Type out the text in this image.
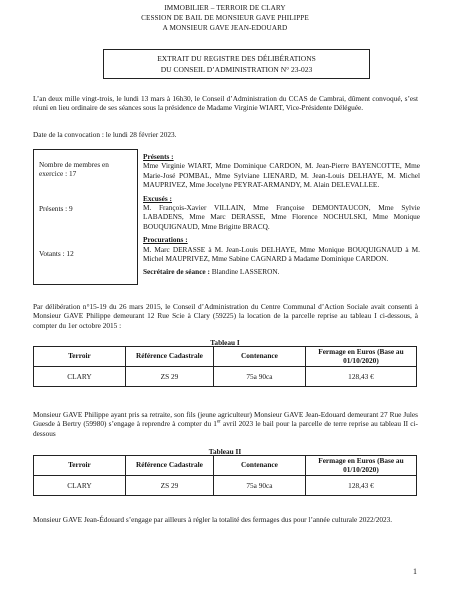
IMMOBILIER – TERROIR DE CLARY
CESSION DE BAIL DE MONSIEUR GAVE PHILIPPE
A MONSIEUR GAVE JEAN-EDOUARD
EXTRAIT DU REGISTRE DES DÉLIBÉRATIONS
DU CONSEIL D’ADMINISTRATION N° 23-023

L’an deux mille vingt-trois, le lundi 13 mars à 16h30, le Conseil d’Administration du CCAS de Cambrai, dûment convoqué, s’est réuni en lieu ordinaire de ses séances sous la présidence de Madame Virginie WIART, Vice-Présidente Déléguée.

Date de la convocation : le lundi 28 février 2023.

Nombre de membres en exercice : 17
Présents : 9
Votants : 12
Présents :
Mme Virginie WIART, Mme Dominique CARDON, M. Jean-Pierre BAYENCOTTE, Mme Marie-José POMBAL, Mme Sylviane LIENARD, M. Jean-Louis DELHAYE, M. Michel MAUPRIVEZ, Mme Jocelyne PEYRAT-ARMANDY, M. Alain DELEVALLEE.
Excusés :
M. François-Xavier VILLAIN, Mme Françoise DEMONTAUCON, Mme Sylvie LABADENS, Mme Marc DERASSE, Mme Florence NOCHULSKI, Mme Monique BOUQUIGNAUD, Mme Brigitte BRACQ.
Procurations :
M. Marc DERASSE à M. Jean-Louis DELHAYE, Mme Monique BOUQUIGNAUD à M. Michel MAUPRIVEZ, Mme Sabine CAGNARD à Madame Dominique CARDON.
Secrétaire de séance : Blandine LASSERON.

Par délibération n°15-19 du 26 mars 2015, le Conseil d’Administration du Centre Communal d’Action Sociale avait consenti à Monsieur GAVE Philippe demeurant 12 Rue Scie à Clary (59225) la location de la parcelle reprise au tableau I ci-dessous, à compter du 1er octobre 2015 :

Tableau I
Terroir	Référence Cadastrale	Contenance	Fermage en Euros (Base au 01/10/2020)
CLARY	ZS 29	75a 90ca	128,43 €

Monsieur GAVE Philippe ayant pris sa retraite, son fils (jeune agriculteur) Monsieur GAVE Jean-Edouard demeurant 27 Rue Jules Guesde à Bertry (59980) s’engage à reprendre à compter du 1er avril 2023 le bail pour la parcelle de terre reprise au tableau II ci-dessous

Tableau II
Terroir	Référence Cadastrale	Contenance	Fermage en Euros (Base au 01/10/2020)
CLARY	ZS 29	75a 90ca	128,43 €

Monsieur GAVE Jean-Édouard s’engage par ailleurs à régler la totalité des fermages dus pour l’année culturale 2022/2023.

1
